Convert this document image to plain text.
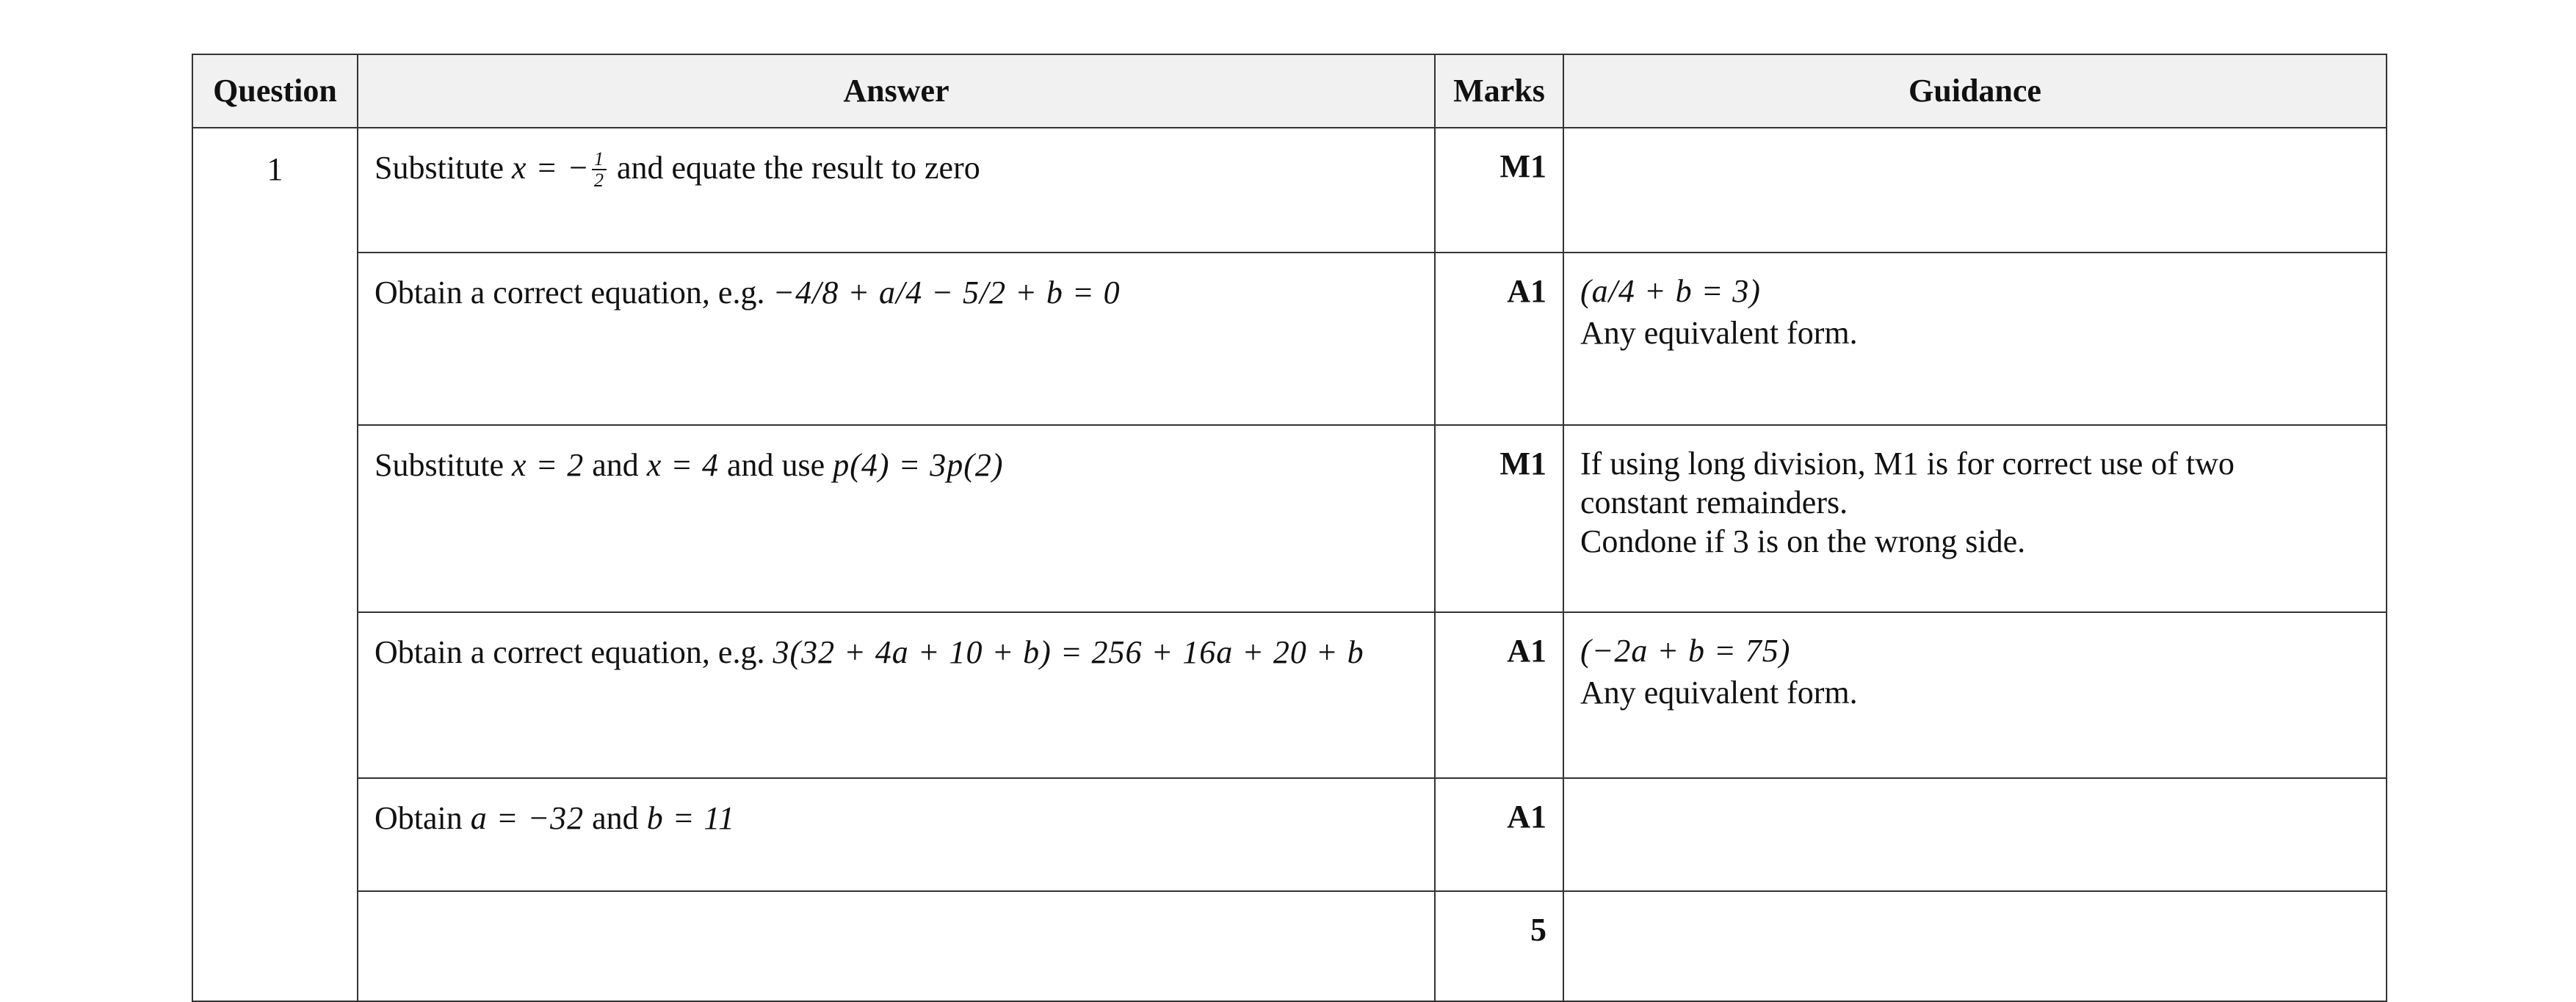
Question	Answer	Marks	Guidance
1	Substitute x = − $\frac{1}{2}$ and equate the result to zero	M1	
	Obtain a correct equation, e.g. −4/8 + a/4 − 5/2 + b = 0	A1	(a/4 + b = 3)
Any equivalent form.

	Substitute x = 2 and x = 4 and use p(4) = 3p(2)	M1	If using long division, M1 is for correct use of two
constant remainders.
Condone if 3 is on the wrong side.

	Obtain a correct equation, e.g. 3(32 + 4a + 10 + b) = 256 + 16a + 20 + b	A1	(−2a + b = 75)
Any equivalent form.

	Obtain a = −32 and b = 11	A1	
		5	
